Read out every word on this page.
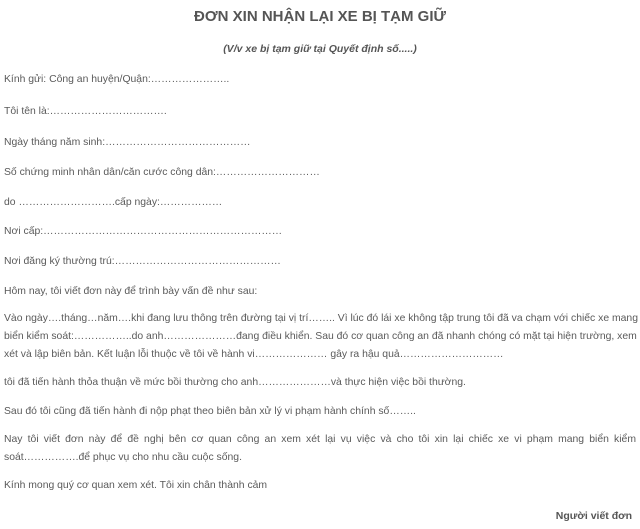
ĐƠN XIN NHẬN LẠI XE BỊ TẠM GIỮ
(V/v xe bị tạm giữ tại Quyết định số.....)
Kính gửi: Công an huyện/Quận:…………………..
Tôi tên là:…………………………….
Ngày tháng năm sinh:……………………………………
Số chứng minh nhân dân/căn cước công dân:…………………………
do ……………………….cấp ngày:………………
Nơi cấp:……………………………………………………………
Nơi đăng ký thường trú:…………………………………………
Hôm nay, tôi viết đơn này để trình bày vấn đề như sau:
Vào ngày….tháng…năm….khi đang lưu thông trên đường tại vị trí…….. Vì lúc đó lái xe không tập trung tôi đã va chạm với chiếc xe mang
biển kiểm soát:……………..do anh…………………đang điều khiển. Sau đó cơ quan công an đã nhanh chóng có mặt tại hiện trường, xem
xét và lập biên bản. Kết luận lỗi thuộc về tôi về hành vi………………… gây ra hậu quả…………………………
tôi đã tiến hành thỏa thuận về mức bồi thường cho anh…………………và thực hiện việc bồi thường.
Sau đó tôi cũng đã tiến hành đi nộp phạt theo biên bản xử lý vi phạm hành chính số……..
Nay tôi viết đơn này để đề nghị bên cơ quan công an xem xét lại vụ việc và cho tôi xin lại chiếc xe vi phạm mang biển kiểm
soát…………….để phục vụ cho nhu cầu cuộc sống.
Kính mong quý cơ quan xem xét. Tôi xin chân thành cảm
Người viết đơn
